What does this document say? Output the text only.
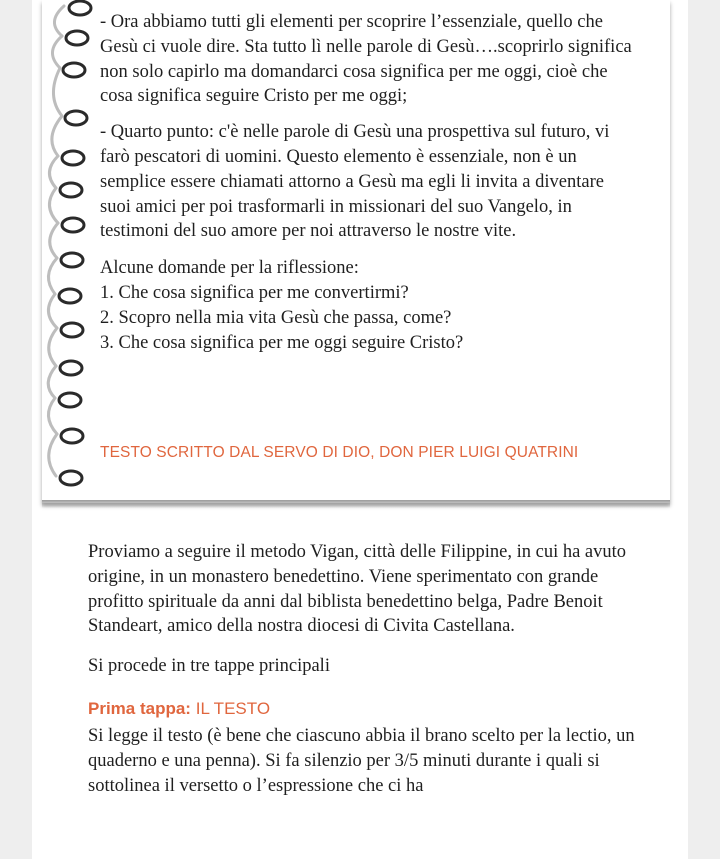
- Ora abbiamo tutti gli elementi per scoprire l’essenziale, quello che Gesù ci vuole dire. Sta tutto lì nelle parole di Gesù….scoprirlo significa non solo capirlo ma domandarci cosa significa per me oggi, cioè che cosa significa seguire Cristo per me oggi;

- Quarto punto: c'è nelle parole di Gesù una prospettiva sul futuro, vi farò pescatori di uomini. Questo elemento è essenziale, non è un semplice essere chiamati attorno a Gesù ma egli li invita a diventare suoi amici per poi trasformarli in missionari del suo Vangelo, in testimoni del suo amore per noi attraverso le nostre vite.

Alcune domande per la riflessione:

1. Che cosa significa per me convertirmi?

2. Scopro nella mia vita Gesù che passa, come?

3. Che cosa significa per me oggi seguire Cristo?

TESTO SCRITTO DAL SERVO DI DIO, DON PIER LUIGI QUATRINI

Proviamo a seguire il metodo Vigan, città delle Filippine, in cui ha avuto origine, in un monastero benedettino. Viene sperimentato con grande profitto spirituale da anni dal biblista benedettino belga, Padre Benoit Standeart, amico della nostra diocesi di Civita Castellana.

Si procede in tre tappe principali

Prima tappa: IL TESTO

Si legge il testo (è bene che ciascuno abbia il brano scelto per la lectio, un quaderno e una penna). Si fa silenzio per 3/5 minuti durante i quali si sottolinea il versetto o l’espressione che ci ha
